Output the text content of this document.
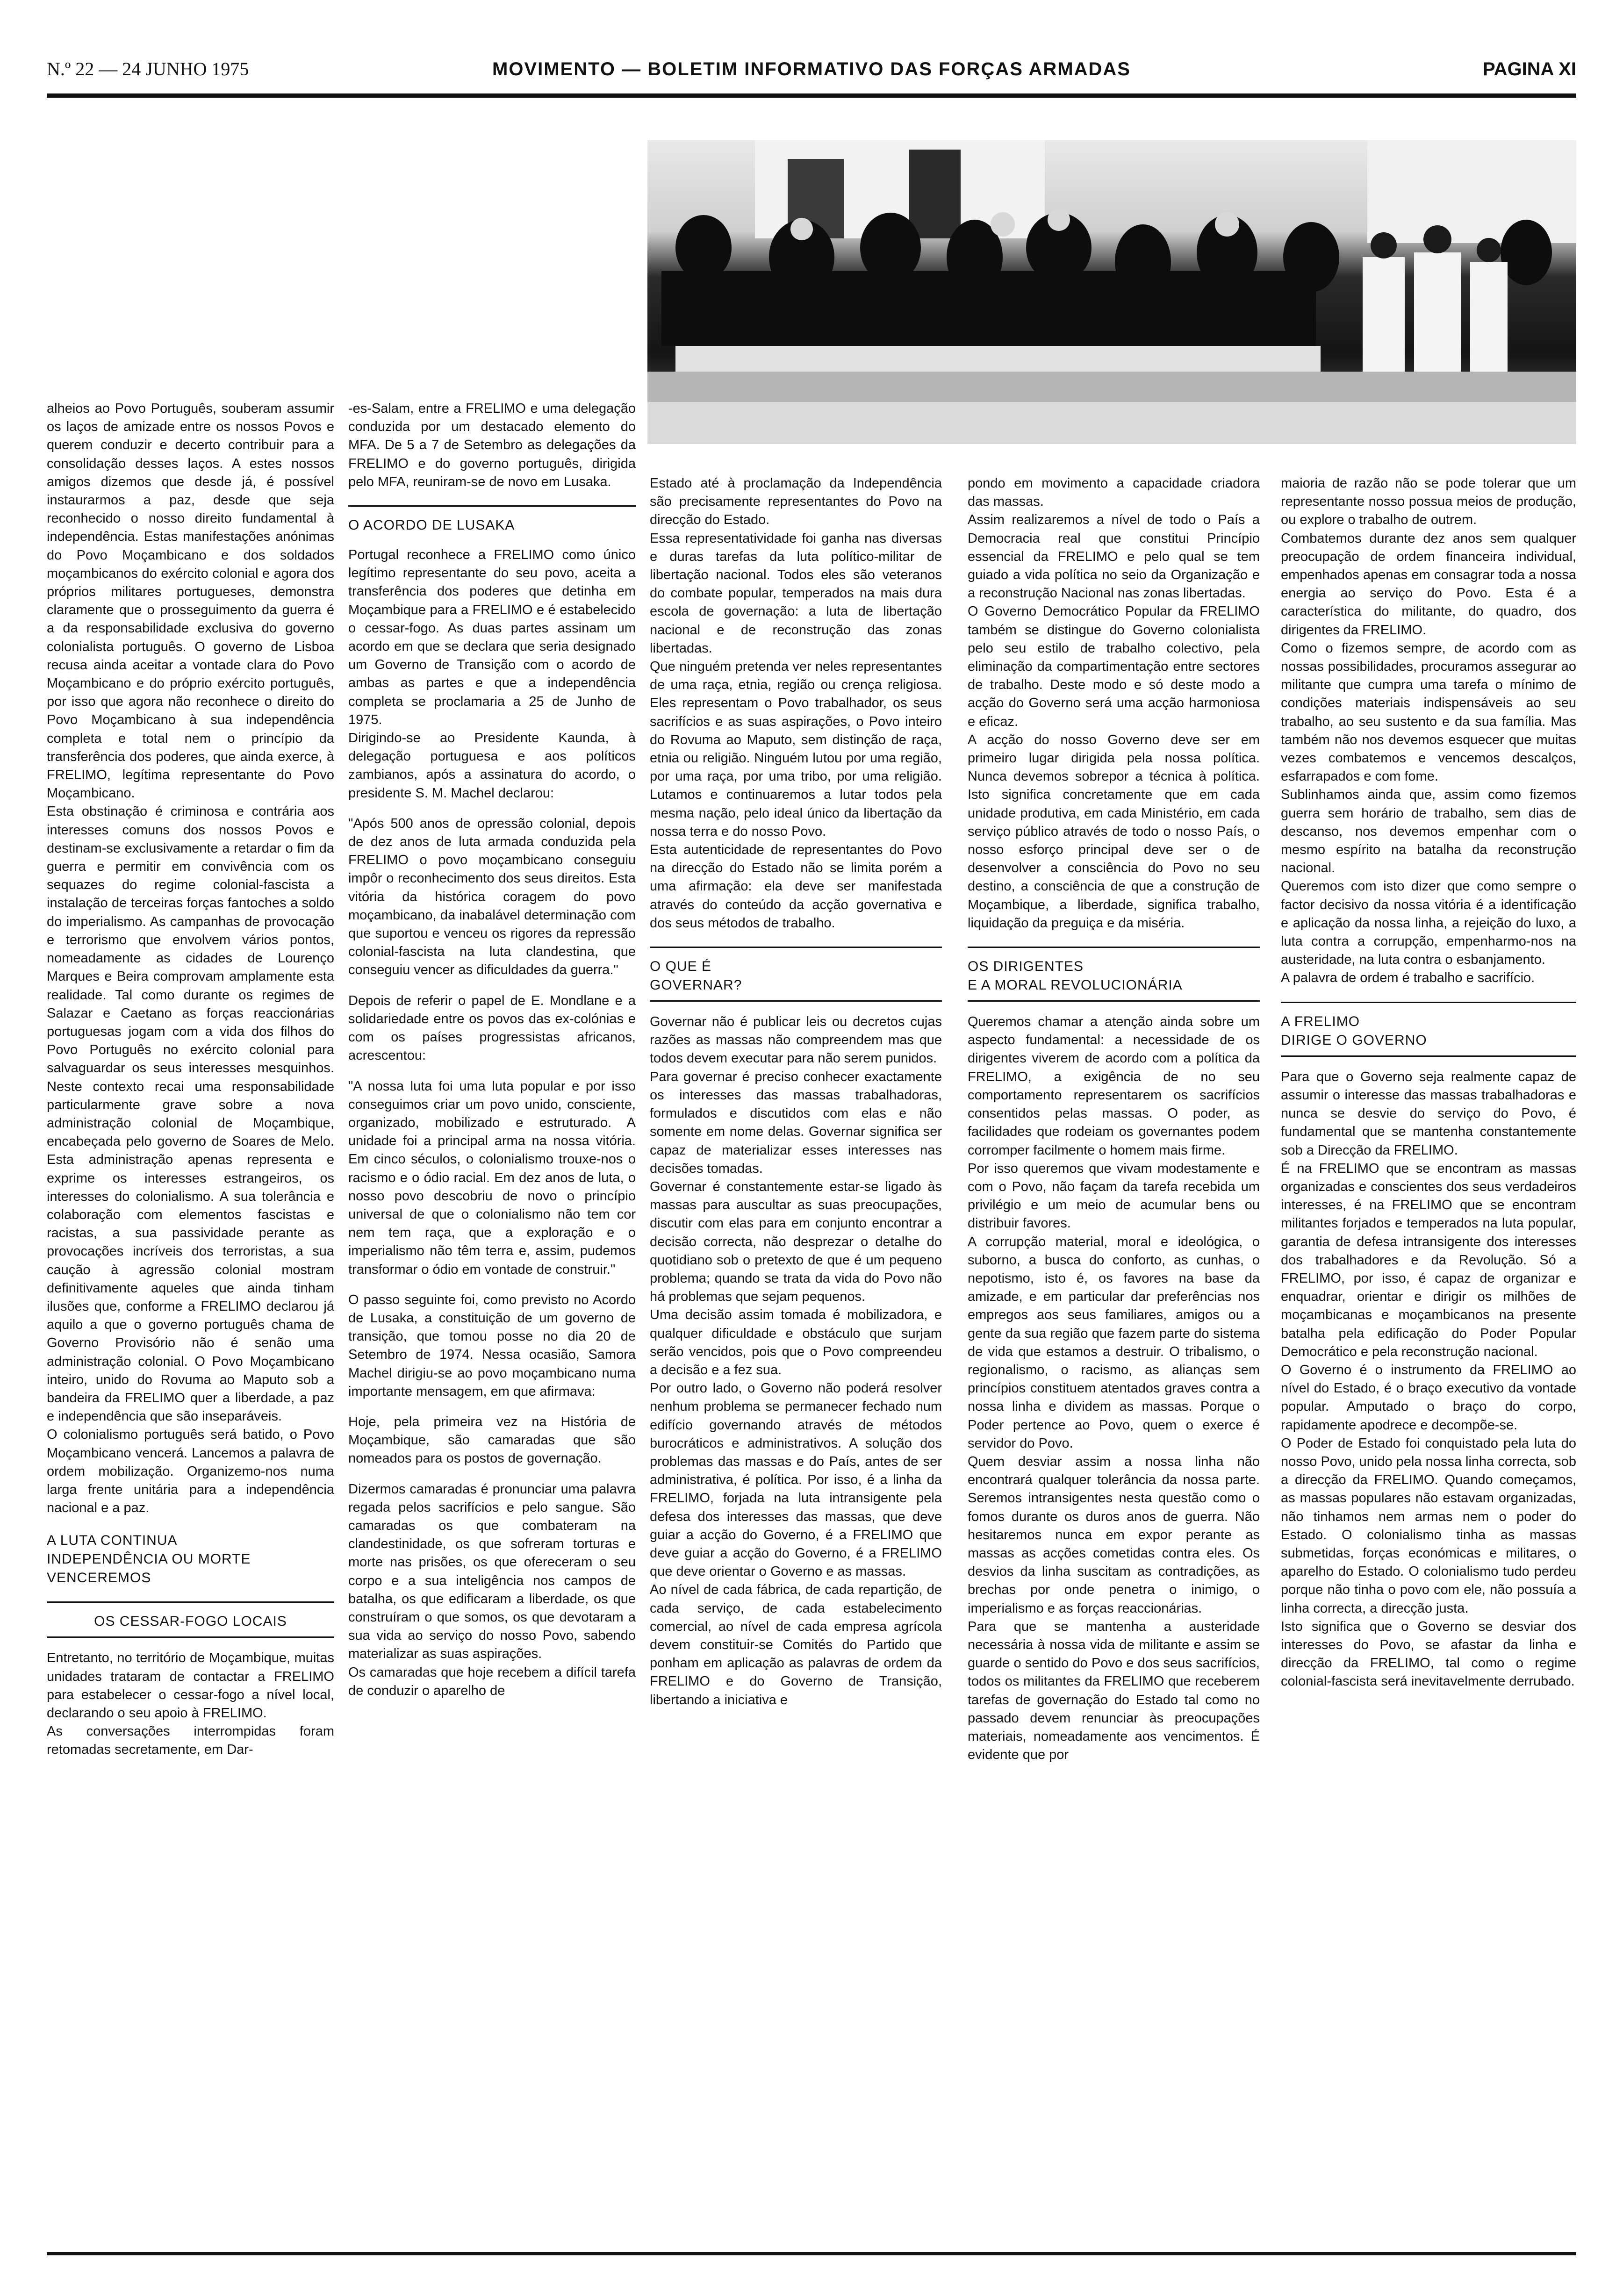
N.º 22 — 24 JUNHO 1975	MOVIMENTO — BOLETIM INFORMATIVO DAS FORÇAS ARMADAS	PAGINA XI

alheios ao Povo Português, souberam assumir os laços de amizade entre os nossos Povos e querem conduzir e decerto contribuir para a consolidação desses laços. A estes nossos amigos dizemos que desde já, é possível instaurarmos a paz, desde que seja reconhecido o nosso direito fundamental à independência. Estas manifestações anónimas do Povo Moçambicano e dos soldados moçambicanos do exército colonial e agora dos próprios militares portugueses, demonstra claramente que o prosseguimento da guerra é a da responsabilidade exclusiva do governo colonialista português. O governo de Lisboa recusa ainda aceitar a vontade clara do Povo Moçambicano e do próprio exército português, por isso que agora não reconhece o direito do Povo Moçambicano à sua independência completa e total nem o princípio da transferência dos poderes, que ainda exerce, à FRELIMO, legítima representante do Povo Moçambicano.

Esta obstinação é criminosa e contrária aos interesses comuns dos nossos Povos e destinam-se exclusivamente a retardar o fim da guerra e permitir em convivência com os sequazes do regime colonial-fascista a instalação de terceiras forças fantoches a soldo do imperialismo. As campanhas de provocação e terrorismo que envolvem vários pontos, nomeadamente as cidades de Lourenço Marques e Beira comprovam amplamente esta realidade. Tal como durante os regimes de Salazar e Caetano as forças reaccionárias portuguesas jogam com a vida dos filhos do Povo Português no exército colonial para salvaguardar os seus interesses mesquinhos. Neste contexto recai uma responsabilidade particularmente grave sobre a nova administração colonial de Moçambique, encabeçada pelo governo de Soares de Melo. Esta administração apenas representa e exprime os interesses estrangeiros, os interesses do colonialismo. A sua tolerância e colaboração com elementos fascistas e racistas, a sua passividade perante as provocações incríveis dos terroristas, a sua caução à agressão colonial mostram definitivamente aqueles que ainda tinham ilusões que, conforme a FRELIMO declarou já aquilo a que o governo português chama de Governo Provisório não é senão uma administração colonial. O Povo Moçambicano inteiro, unido do Rovuma ao Maputo sob a bandeira da FRELIMO quer a liberdade, a paz e independência que são inseparáveis.

O colonialismo português será batido, o Povo Moçambicano vencerá. Lancemos a palavra de ordem mobilização. Organizemo-nos numa larga frente unitária para a independência nacional e a paz.

A LUTA CONTINUA
INDEPENDÊNCIA OU MORTE
VENCEREMOS

OS CESSAR-FOGO LOCAIS

Entretanto, no território de Moçambique, muitas unidades trataram de contactar a FRELIMO para estabelecer o cessar-fogo a nível local, declarando o seu apoio à FRELIMO.

As conversações interrompidas foram retomadas secretamente, em Dar-

-es-Salam, entre a FRELIMO e uma delegação conduzida por um destacado elemento do MFA. De 5 a 7 de Setembro as delegações da FRELIMO e do governo português, dirigida pelo MFA, reuniram-se de novo em Lusaka.

O ACORDO DE LUSAKA

Portugal reconhece a FRELIMO como único legítimo representante do seu povo, aceita a transferência dos poderes que detinha em Moçambique para a FRELIMO e é estabelecido o cessar-fogo. As duas partes assinam um acordo em que se declara que seria designado um Governo de Transição com o acordo de ambas as partes e que a independência completa se proclamaria a 25 de Junho de 1975.

Dirigindo-se ao Presidente Kaunda, à delegação portuguesa e aos políticos zambianos, após a assinatura do acordo, o presidente S. M. Machel declarou:

"Após 500 anos de opressão colonial, depois de dez anos de luta armada conduzida pela FRELIMO o povo moçambicano conseguiu impôr o reconhecimento dos seus direitos. Esta vitória da histórica coragem do povo moçambicano, da inabalável determinação com que suportou e venceu os rigores da repressão colonial-fascista na luta clandestina, que conseguiu vencer as dificuldades da guerra."

Depois de referir o papel de E. Mondlane e a solidariedade entre os povos das ex-colónias e com os países progressistas africanos, acrescentou:

"A nossa luta foi uma luta popular e por isso conseguimos criar um povo unido, consciente, organizado, mobilizado e estruturado. A unidade foi a principal arma na nossa vitória. Em cinco séculos, o colonialismo trouxe-nos o racismo e o ódio racial. Em dez anos de luta, o nosso povo descobriu de novo o princípio universal de que o colonialismo não tem cor nem tem raça, que a exploração e o imperialismo não têm terra e, assim, pudemos transformar o ódio em vontade de construir."

O passo seguinte foi, como previsto no Acordo de Lusaka, a constituição de um governo de transição, que tomou posse no dia 20 de Setembro de 1974. Nessa ocasião, Samora Machel dirigiu-se ao povo moçambicano numa importante mensagem, em que afirmava:

Hoje, pela primeira vez na História de Moçambique, são camaradas que são nomeados para os postos de governação.

Dizermos camaradas é pronunciar uma palavra regada pelos sacrifícios e pelo sangue. São camaradas os que combateram na clandestinidade, os que sofreram torturas e morte nas prisões, os que ofereceram o seu corpo e a sua inteligência nos campos de batalha, os que edificaram a liberdade, os que construíram o que somos, os que devotaram a sua vida ao serviço do nosso Povo, sabendo materializar as suas aspirações.

Os camaradas que hoje recebem a difícil tarefa de conduzir o aparelho de

Estado até à proclamação da Independência são precisamente representantes do Povo na direcção do Estado.

Essa representatividade foi ganha nas diversas e duras tarefas da luta político-militar de libertação nacional. Todos eles são veteranos do combate popular, temperados na mais dura escola de governação: a luta de libertação nacional e de reconstrução das zonas libertadas.

Que ninguém pretenda ver neles representantes de uma raça, etnia, região ou crença religiosa. Eles representam o Povo trabalhador, os seus sacrifícios e as suas aspirações, o Povo inteiro do Rovuma ao Maputo, sem distinção de raça, etnia ou religião. Ninguém lutou por uma região, por uma raça, por uma tribo, por uma religião. Lutamos e continuaremos a lutar todos pela mesma nação, pelo ideal único da libertação da nossa terra e do nosso Povo.

Esta autenticidade de representantes do Povo na direcção do Estado não se limita porém a uma afirmação: ela deve ser manifestada através do conteúdo da acção governativa e dos seus métodos de trabalho.

O QUE É
GOVERNAR?

Governar não é publicar leis ou decretos cujas razões as massas não compreendem mas que todos devem executar para não serem punidos.

Para governar é preciso conhecer exactamente os interesses das massas trabalhadoras, formulados e discutidos com elas e não somente em nome delas. Governar significa ser capaz de materializar esses interesses nas decisões tomadas.

Governar é constantemente estar-se ligado às massas para auscultar as suas preocupações, discutir com elas para em conjunto encontrar a decisão correcta, não desprezar o detalhe do quotidiano sob o pretexto de que é um pequeno problema; quando se trata da vida do Povo não há problemas que sejam pequenos.

Uma decisão assim tomada é mobilizadora, e qualquer dificuldade e obstáculo que surjam serão vencidos, pois que o Povo compreendeu a decisão e a fez sua.

Por outro lado, o Governo não poderá resolver nenhum problema se permanecer fechado num edifício governando através de métodos burocráticos e administrativos. A solução dos problemas das massas e do País, antes de ser administrativa, é política. Por isso, é a linha da FRELIMO, forjada na luta intransigente pela defesa dos interesses das massas, que deve guiar a acção do Governo, é a FRELIMO que deve guiar a acção do Governo, é a FRELIMO que deve orientar o Governo e as massas.

Ao nível de cada fábrica, de cada repartição, de cada serviço, de cada estabelecimento comercial, ao nível de cada empresa agrícola devem constituir-se Comités do Partido que ponham em aplicação as palavras de ordem da FRELIMO e do Governo de Transição, libertando a iniciativa e

pondo em movimento a capacidade criadora das massas.

Assim realizaremos a nível de todo o País a Democracia real que constitui Princípio essencial da FRELIMO e pelo qual se tem guiado a vida política no seio da Organização e a reconstrução Nacional nas zonas libertadas.

O Governo Democrático Popular da FRELIMO também se distingue do Governo colonialista pelo seu estilo de trabalho colectivo, pela eliminação da compartimentação entre sectores de trabalho. Deste modo e só deste modo a acção do Governo será uma acção harmoniosa e eficaz.

A acção do nosso Governo deve ser em primeiro lugar dirigida pela nossa política. Nunca devemos sobrepor a técnica à política. Isto significa concretamente que em cada unidade produtiva, em cada Ministério, em cada serviço público através de todo o nosso País, o nosso esforço principal deve ser o de desenvolver a consciência do Povo no seu destino, a consciência de que a construção de Moçambique, a liberdade, significa trabalho, liquidação da preguiça e da miséria.

OS DIRIGENTES
E A MORAL REVOLUCIONÁRIA

Queremos chamar a atenção ainda sobre um aspecto fundamental: a necessidade de os dirigentes viverem de acordo com a política da FRELIMO, a exigência de no seu comportamento representarem os sacrifícios consentidos pelas massas. O poder, as facilidades que rodeiam os governantes podem corromper facilmente o homem mais firme.

Por isso queremos que vivam modestamente e com o Povo, não façam da tarefa recebida um privilégio e um meio de acumular bens ou distribuir favores.

A corrupção material, moral e ideológica, o suborno, a busca do conforto, as cunhas, o nepotismo, isto é, os favores na base da amizade, e em particular dar preferências nos empregos aos seus familiares, amigos ou a gente da sua região que fazem parte do sistema de vida que estamos a destruir. O tribalismo, o regionalismo, o racismo, as alianças sem princípios constituem atentados graves contra a nossa linha e dividem as massas. Porque o Poder pertence ao Povo, quem o exerce é servidor do Povo.

Quem desviar assim a nossa linha não encontrará qualquer tolerância da nossa parte. Seremos intransigentes nesta questão como o fomos durante os duros anos de guerra. Não hesitaremos nunca em expor perante as massas as acções cometidas contra eles. Os desvios da linha suscitam as contradições, as brechas por onde penetra o inimigo, o imperialismo e as forças reaccionárias.

Para que se mantenha a austeridade necessária à nossa vida de militante e assim se guarde o sentido do Povo e dos seus sacrifícios, todos os militantes da FRELIMO que receberem tarefas de governação do Estado tal como no passado devem renunciar às preocupações materiais, nomeadamente aos vencimentos. É evidente que por

maioria de razão não se pode tolerar que um representante nosso possua meios de produção, ou explore o trabalho de outrem.

Combatemos durante dez anos sem qualquer preocupação de ordem financeira individual, empenhados apenas em consagrar toda a nossa energia ao serviço do Povo. Esta é a característica do militante, do quadro, dos dirigentes da FRELIMO.

Como o fizemos sempre, de acordo com as nossas possibilidades, procuramos assegurar ao militante que cumpra uma tarefa o mínimo de condições materiais indispensáveis ao seu trabalho, ao seu sustento e da sua família. Mas também não nos devemos esquecer que muitas vezes combatemos e vencemos descalços, esfarrapados e com fome.

Sublinhamos ainda que, assim como fizemos guerra sem horário de trabalho, sem dias de descanso, nos devemos empenhar com o mesmo espírito na batalha da reconstrução nacional.

Queremos com isto dizer que como sempre o factor decisivo da nossa vitória é a identificação e aplicação da nossa linha, a rejeição do luxo, a luta contra a corrupção, empenharmo-nos na austeridade, na luta contra o esbanjamento.

A palavra de ordem é trabalho e sacrifício.

A FRELIMO
DIRIGE O GOVERNO

Para que o Governo seja realmente capaz de assumir o interesse das massas trabalhadoras e nunca se desvie do serviço do Povo, é fundamental que se mantenha constantemente sob a Direcção da FRELIMO.

É na FRELIMO que se encontram as massas organizadas e conscientes dos seus verdadeiros interesses, é na FRELIMO que se encontram militantes forjados e temperados na luta popular, garantia de defesa intransigente dos interesses dos trabalhadores e da Revolução. Só a FRELIMO, por isso, é capaz de organizar e enquadrar, orientar e dirigir os milhões de moçambicanas e moçambicanos na presente batalha pela edificação do Poder Popular Democrático e pela reconstrução nacional.

O Governo é o instrumento da FRELIMO ao nível do Estado, é o braço executivo da vontade popular. Amputado o braço do corpo, rapidamente apodrece e decompõe-se.

O Poder de Estado foi conquistado pela luta do nosso Povo, unido pela nossa linha correcta, sob a direcção da FRELIMO. Quando começamos, as massas populares não estavam organizadas, não tinhamos nem armas nem o poder do Estado. O colonialismo tinha as massas submetidas, forças económicas e militares, o aparelho do Estado. O colonialismo tudo perdeu porque não tinha o povo com ele, não possuía a linha correcta, a direcção justa.

Isto significa que o Governo se desviar dos interesses do Povo, se afastar da linha e direcção da FRELIMO, tal como o regime colonial-fascista será inevitavelmente derrubado.
